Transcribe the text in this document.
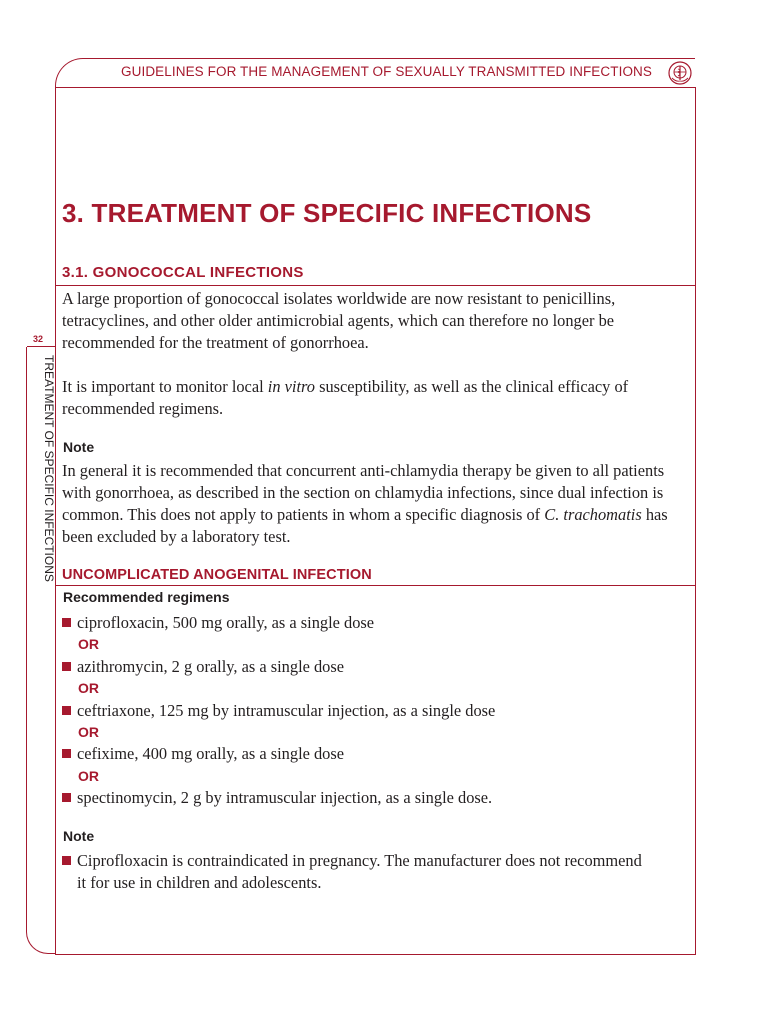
GUIDELINES FOR THE MANAGEMENT OF SEXUALLY TRANSMITTED INFECTIONS
32
TREATMENT OF SPECIFIC INFECTIONS
3. TREATMENT OF SPECIFIC INFECTIONS
3.1. GONOCOCCAL INFECTIONS

A large proportion of gonococcal isolates worldwide are now resistant to penicillins, tetracyclines, and other older antimicrobial agents, which can therefore no longer be recommended for the treatment of gonorrhoea.

It is important to monitor local in vitro susceptibility, as well as the clinical efficacy of recommended regimens.

Note

In general it is recommended that concurrent anti-chlamydia therapy be given to all patients with gonorrhoea, as described in the section on chlamydia infections, since dual infection is common. This does not apply to patients in whom a specific diagnosis of C. trachomatis has been excluded by a laboratory test.

UNCOMPLICATED ANOGENITAL INFECTION

Recommended regimens

ciprofloxacin, 500 mg orally, as a single dose
OR
azithromycin, 2 g orally, as a single dose
OR
ceftriaxone, 125 mg by intramuscular injection, as a single dose
OR
cefixime, 400 mg orally, as a single dose
OR
spectinomycin, 2 g by intramuscular injection, as a single dose.

Note

Ciprofloxacin is contraindicated in pregnancy. The manufacturer does not recommend
it for use in children and adolescents.
